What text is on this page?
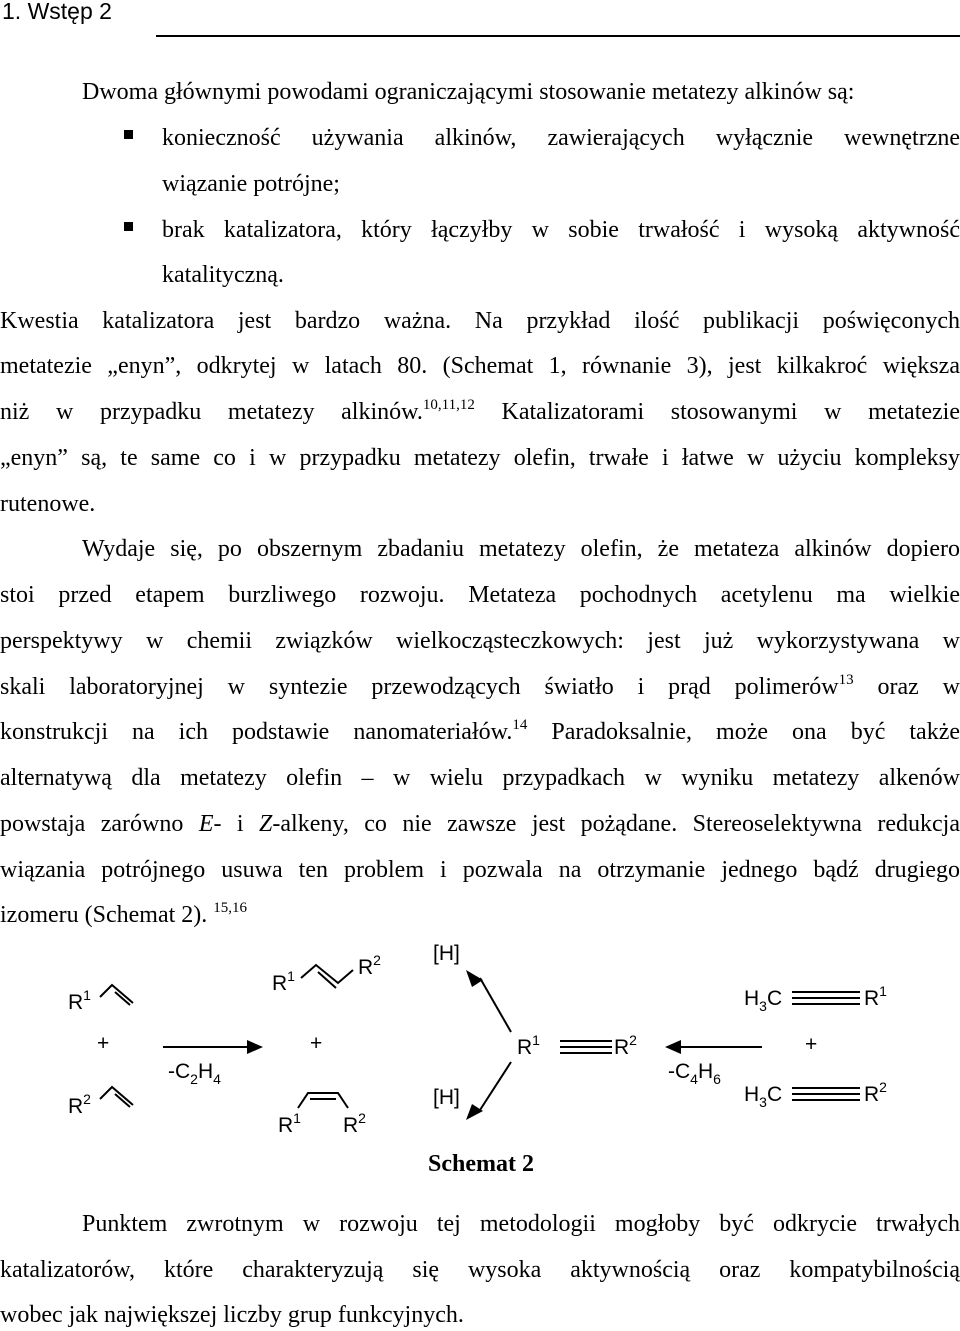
1. Wstęp 2
Dwoma głównymi powodami ograniczającymi stosowanie metatezy alkinów są:
konieczność używania alkinów, zawierających wyłącznie wewnętrzne
wiązanie potrójne;
brak katalizatora, który łączyłby w sobie trwałość i wysoką aktywność
katalityczną.
Kwestia katalizatora jest bardzo ważna. Na przykład ilość publikacji poświęconych
metatezie „enyn”, odkrytej w latach 80. (Schemat 1, równanie 3), jest kilkakroć większa
niż w przypadku metatezy alkinów.$^{10,11,12}$ Katalizatorami stosowanymi w metatezie
„enyn” są, te same co i w przypadku metatezy olefin, trwałe i łatwe w użyciu kompleksy
rutenowe.
Wydaje się, po obszernym zbadaniu metatezy olefin, że metateza alkinów dopiero
stoi przed etapem burzliwego rozwoju. Metateza pochodnych acetylenu ma wielkie
perspektywy w chemii związków wielkocząsteczkowych: jest już wykorzystywana w
skali laboratoryjnej w syntezie przewodzących światło i prąd polimerów$^{13}$ oraz w
konstrukcji na ich podstawie nanomateriałów.$^{14}$ Paradoksalnie, może ona być także
alternatywą dla metatezy olefin – w wielu przypadkach w wyniku metatezy alkenów
powstaja zarówno E- i Z-alkeny, co nie zawsze jest pożądane. Stereoselektywna redukcja
wiązania potrójnego usuwa ten problem i pozwala na otrzymanie jednego bądź drugiego
izomeru (Schemat 2). $^{15,16}$
$R^1$
+
$R^2$
$-C_2H_4$
$R^1$	$R^2$
+
$R^1$ $R^2$
[H]
[H]
$R^1$	$R^2$
$-C_4H_6$
$H_3C$	$R^1$
+
$H_3C$	$R^2$
Schemat 2
Punktem zwrotnym w rozwoju tej metodologii mogłoby być odkrycie trwałych
katalizatorów, które charakteryzują się wysoka aktywnością oraz kompatybilnością
wobec jak największej liczby grup funkcyjnych.
